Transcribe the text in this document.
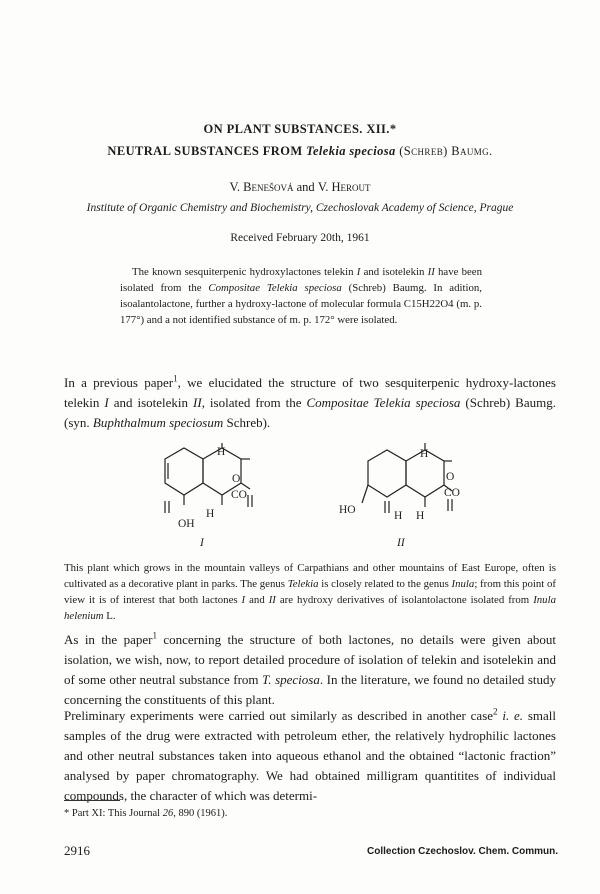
ON PLANT SUBSTANCES. XII.*
NEUTRAL SUBSTANCES FROM Telekia speciosa (Schreb) Baumg.
V. Benešová and V. Herout
Institute of Organic Chemistry and Biochemistry, Czechoslovak Academy of Science, Prague
Received February 20th, 1961
The known sesquiterpenic hydroxylactones telekin I and isotelekin II have been isolated from the Compositae Telekia speciosa (Schreb) Baumg. In adition, isoalantolactone, further a hydroxy-lactone of molecular formula C15H22O4 (m. p. 177°) and a not identified substance of m. p. 172° were isolated.
In a previous paper$^1$, we elucidated the structure of two sesquiterpenic hydroxy-lactones telekin I and isotelekin II, isolated from the Compositae Telekia speciosa (Schreb) Baumg. (syn. Buphthalmum speciosum Schreb).
H
O
CO
OH
H
I
H
O
CO
HO	H H
II
This plant which grows in the mountain valleys of Carpathians and other mountains of East Europe, often is cultivated as a decorative plant in parks. The genus Telekia is closely related to the genus Inula; from this point of view it is of interest that both lactones I and II are hydroxy derivatives of isolantolactone isolated from Inula helenium L.
As in the paper$^1$ concerning the structure of both lactones, no details were given about isolation, we wish, now, to report detailed procedure of isolation of telekin and isotelekin and of some other neutral substance from T. speciosa. In the literature, we found no detailed study concerning the constituents of this plant.
Preliminary experiments were carried out similarly as described in another case$^2$ i. e. small samples of the drug were extracted with petroleum ether, the relatively hydrophilic lactones and other neutral substances taken into aqueous ethanol and the obtained “lactonic fraction” analysed by paper chromatography. We had obtained milligram quantitites of individual compounds, the character of which was determi-
* Part XI: This Journal 26, 890 (1961).
2916	Collection Czechoslov. Chem. Commun.
